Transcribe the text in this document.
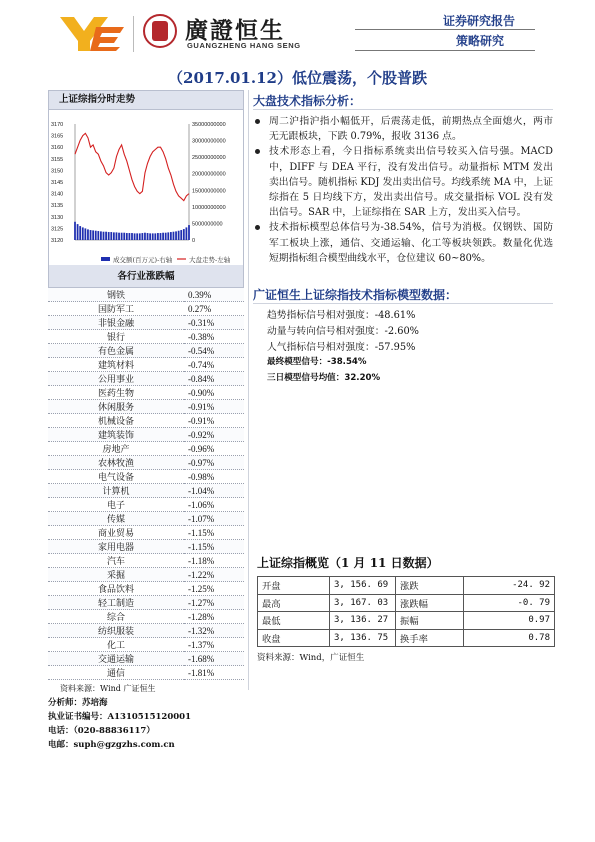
廣證恒生
GUANGZHENG HANG SENG
证券研究报告
策略研究
（2017.01.12）低位震荡，个股普跌
上证综指分时走势
3170
3165
3160
3155
3150
3145
3140
3135
3130
3125
3120
35000000000
30000000000
25000000000
20000000000
15000000000
10000000000
5000000000
0
成交额(百万元)-右轴	大盘走势-左轴
各行业涨跌幅
钢铁	0.39%
国防军工	0.27%
非银金融	-0.31%
银行	-0.38%
有色金属	-0.54%
建筑材料	-0.74%
公用事业	-0.84%
医药生物	-0.90%
休闲服务	-0.91%
机械设备	-0.91%
建筑装饰	-0.92%
房地产	-0.96%
农林牧渔	-0.97%
电气设备	-0.98%
计算机	-1.04%
电子	-1.06%
传媒	-1.07%
商业贸易	-1.15%
家用电器	-1.15%
汽车	-1.18%
采掘	-1.22%
食品饮料	-1.25%
轻工制造	-1.27%
综合	-1.28%
纺织服装	-1.32%
化工	-1.37%
交通运输	-1.68%
通信	-1.81%
资料来源：Wind 广证恒生
分析师：苏培海
执业证书编号：A1310515120001
电话：（020-88836117）
电邮：suph@gzgzhs.com.cn
大盘技术指标分析：
周二沪指沪指小幅低开，后震荡走低，前期热点全面熄火，两市无无跟板块，下跌 0.79%，报收 3136 点。
技术形态上看，今日指标系统卖出信号较买入信号强。MACD 中，DIFF 与 DEA 平行，没有发出信号。动量指标 MTM 发出卖出信号。随机指标 KDJ 发出卖出信号。均线系统 MA 中，上证综指在 5 日均线下方，发出卖出信号。成交量指标 VOL 没有发出信号。SAR 中，上证综指在 SAR 上方，发出买入信号。
技术指标模型总体信号为-38.54%，信号为消极。仅钢铁、国防军工板块上涨，通信、交通运输、化工等板块领跌。数量化优选短期指标组合模型曲线水平，仓位建议 60~80%。
广证恒生上证综指技术指标模型数据：
趋势指标信号相对强度：-48.61%
动量与转向信号相对强度：-2.60%
人气指标信号相对强度：-57.95%
最终模型信号：-38.54%
三日模型信号均值：32.20%
上证综指概览（1 月 11 日数据）
开盘	3, 156. 69	涨跌	-24. 92
最高	3, 167. 03	涨跌幅	-0. 79
最低	3, 136. 27	振幅	0.97
收盘	3, 136. 75	换手率	0.78
资料来源：Wind，广证恒生
